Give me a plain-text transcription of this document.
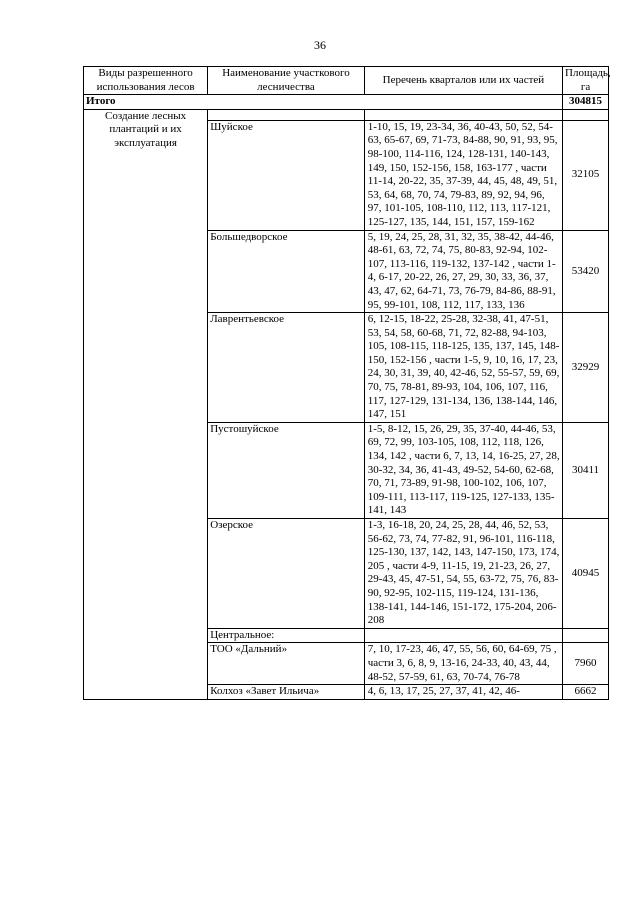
36
Виды разрешенного использования лесов	Наименование участкового лесничества	Перечень кварталов или их частей	Площадь, га
Итого			304815
Создание лесных плантаций и их эксплуатация			
	Шуйское	1-10, 15, 19, 23-34, 36, 40-43, 50, 52, 54-63, 65-67, 69, 71-73, 84-88, 90, 91, 93, 95, 98-100, 114-116, 124, 128-131, 140-143, 149, 150, 152-156, 158, 163-177 , части 11-14, 20-22, 35, 37-39, 44, 45, 48, 49, 51, 53, 64, 68, 70, 74, 79-83, 89, 92, 94, 96, 97, 101-105, 108-110, 112, 113, 117-121, 125-127, 135, 144, 151, 157, 159-162	32105
	Большедворское	5, 19, 24, 25, 28, 31, 32, 35, 38-42, 44-46, 48-61, 63, 72, 74, 75, 80-83, 92-94, 102-107, 113-116, 119-132, 137-142 , части 1-4, 6-17, 20-22, 26, 27, 29, 30, 33, 36, 37, 43, 47, 62, 64-71, 73, 76-79, 84-86, 88-91, 95, 99-101, 108, 112, 117, 133, 136	53420
	Лаврентьевское	6, 12-15, 18-22, 25-28, 32-38, 41, 47-51, 53, 54, 58, 60-68, 71, 72, 82-88, 94-103, 105, 108-115, 118-125, 135, 137, 145, 148-150, 152-156 , части 1-5, 9, 10, 16, 17, 23, 24, 30, 31, 39, 40, 42-46, 52, 55-57, 59, 69, 70, 75, 78-81, 89-93, 104, 106, 107, 116, 117, 127-129, 131-134, 136, 138-144, 146, 147, 151	32929
	Пустошуйское	1-5, 8-12, 15, 26, 29, 35, 37-40, 44-46, 53, 69, 72, 99, 103-105, 108, 112, 118, 126, 134, 142 , части 6, 7, 13, 14, 16-25, 27, 28, 30-32, 34, 36, 41-43, 49-52, 54-60, 62-68, 70, 71, 73-89, 91-98, 100-102, 106, 107, 109-111, 113-117, 119-125, 127-133, 135-141, 143	30411
	Озерское	1-3, 16-18, 20, 24, 25, 28, 44, 46, 52, 53, 56-62, 73, 74, 77-82, 91, 96-101, 116-118, 125-130, 137, 142, 143, 147-150, 173, 174, 205 , части 4-9, 11-15, 19, 21-23, 26, 27, 29-43, 45, 47-51, 54, 55, 63-72, 75, 76, 83-90, 92-95, 102-115, 119-124, 131-136, 138-141, 144-146, 151-172, 175-204, 206-208	40945
	Центральное:		
	ТОО «Дальний»	7, 10, 17-23, 46, 47, 55, 56, 60, 64-69, 75 , части 3, 6, 8, 9, 13-16, 24-33, 40, 43, 44, 48-52, 57-59, 61, 63, 70-74, 76-78	7960
	Колхоз «Завет Ильича»	4, 6, 13, 17, 25, 27, 37, 41, 42, 46-	6662
